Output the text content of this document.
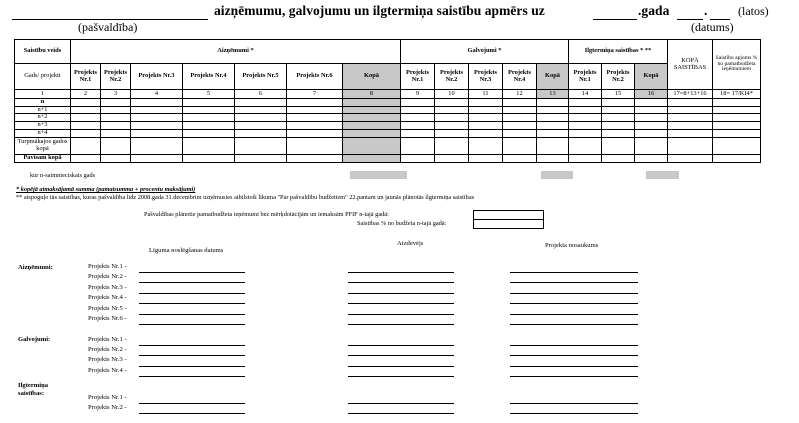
aizņēmumu, galvojumu un ilgtermiņa saistību apmērs uz	.gada	.	(latos)
(pašvaldība)	(datums)
Saistību veids	Aizņēmumi *							Galvojumi *					Ilgtermiņa saistības * **			KOPĀ SAISTĪBAS	Saistību apjoms % no pamatbudžeta ieņēmumiem
Gads/ projekti	Projekts Nr.1	Projekts Nr.2	Projekts Nr.3	Projekts Nr.4	Projekts Nr.5	Projekts Nr.6	Kopā	Projekts Nr.1	Projekts Nr.2	Projekts Nr.3	Projekts Nr.4	Kopā	Projekts Nr.1	Projekts Nr.2	Kopā		
1	2	3	4	5	6	7	8	9	10	11	12	13	14	15	16	17=8+13+16	18= 17/KI4*
n																	
n+1																	
n+2																	
n+3																	
n+4																	
Turpmākajos gados kopā																	
Pavisam kopā																	
kur n-saimnieciskais gads
* kopējā atmaksājamā summa (pamatsumma + procentu maksājumi)
** atspoguļo tās saistības, kuras pašvaldība līdz 2008.gada 31.decembrim uzņēmusies atbilstoši likuma "Par pašvaldību budžetiem" 22.pantam un jaunās plānotās ilgtermiņa saistības
Pašvaldības plānotie pamatbudžeta ieņēmumi bez mērķdotācijām un iemaksām PFIF n-tajā gadā:
Saistības % no budžeta n-tajā gadā:
Līguma noslēgšanas datums
Aizdevējs	Projekta nosaukums
Aizņēmumi:	Projekts Nr.1 -
Projekts Nr.2 -
Projekts Nr.3 -
Projekts Nr.4 -
Projekts Nr.5 -
Projekts Nr.6 -
Galvojumi:	Projekts Nr.1 -
Projekts Nr.2 -
Projekts Nr.3 -
Projekts Nr.4 -
Ilgtermiņa saistības:
Projekts Nr.1 -
Projekts Nr.2 -
